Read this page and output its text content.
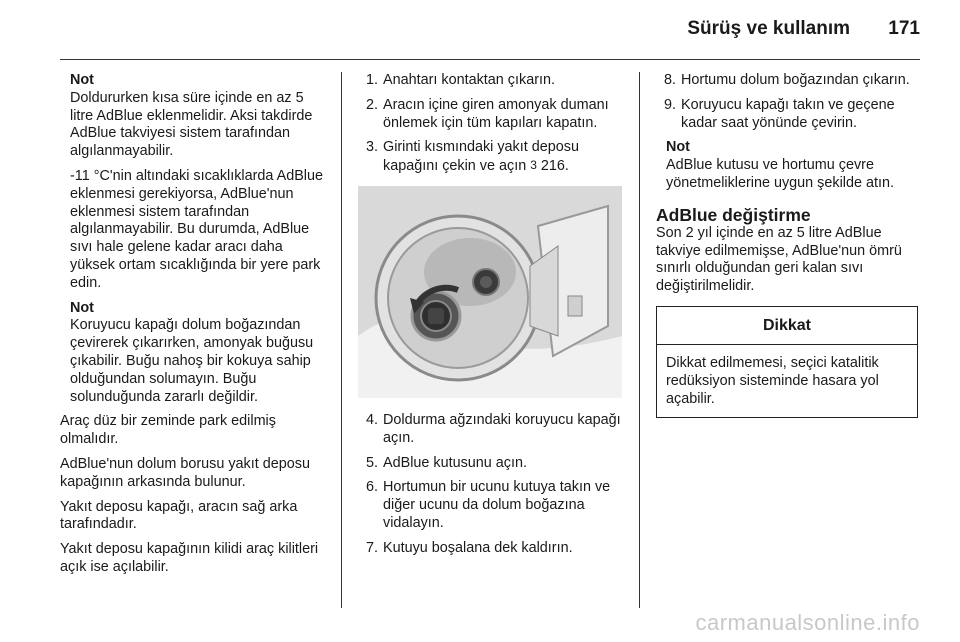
Sürüş ve kullanım 171
Not
Doldururken kısa süre içinde en az 5 litre AdBlue eklenmelidir. Aksi takdirde AdBlue takviyesi sistem tarafından algılanmayabilir.
-11 °C'nin altındaki sıcaklıklarda AdBlue eklenmesi gerekiyorsa, AdBlue'nun eklenmesi sistem tarafından algılanmayabilir. Bu durumda, AdBlue sıvı hale gelene kadar aracı daha yüksek ortam sıcaklığında bir yere park edin.
Not
Koruyucu kapağı dolum boğazından çevirerek çıkarırken, amonyak buğusu çıkabilir. Buğu nahoş bir kokuya sahip olduğundan solumayın. Buğu solunduğunda zararlı değildir.
Araç düz bir zeminde park edilmiş olmalıdır.
AdBlue'nun dolum borusu yakıt deposu kapağının arkasında bulunur.
Yakıt deposu kapağı, aracın sağ arka tarafındadır.
Yakıt deposu kapağının kilidi araç kilitleri açık ise açılabilir.
1. Anahtarı kontaktan çıkarın.
2. Aracın içine giren amonyak dumanı önlemek için tüm kapıları kapatın.
3. Girinti kısmındaki yakıt deposu kapağını çekin ve açın 3 216.
4. Doldurma ağzındaki koruyucu kapağı açın.
5. AdBlue kutusunu açın.
6. Hortumun bir ucunu kutuya takın ve diğer ucunu da dolum boğazına vidalayın.
7. Kutuyu boşalana dek kaldırın.
8. Hortumu dolum boğazından çıkarın.
9. Koruyucu kapağı takın ve geçene kadar saat yönünde çevirin.
Not
AdBlue kutusu ve hortumu çevre yönetmeliklerine uygun şekilde atın.
AdBlue değiştirme
Son 2 yıl içinde en az 5 litre AdBlue takviye edilmemişse, AdBlue'nun ömrü sınırlı olduğundan geri kalan sıvı değiştirilmelidir.
Dikkat
Dikkat edilmemesi, seçici katalitik redüksiyon sisteminde hasara yol açabilir.
carmanualsonline.info
